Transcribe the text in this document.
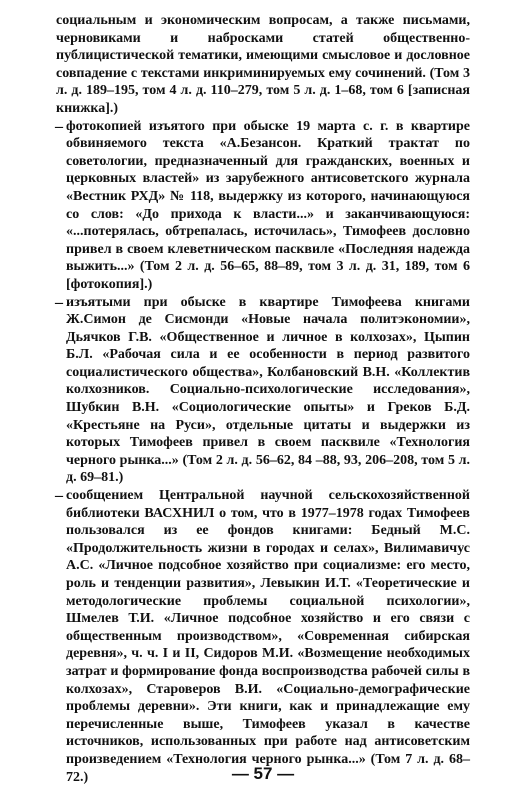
социальным и экономическим вопросам, а также письмами, черновиками и набросками статей общественно-публицистической тематики, имеющими смысловое и дословное совпадение с текстами инкриминируемых ему сочинений. (Том 3 л. д. 189–195, том 4 л. д. 110–279, том 5 л. д. 1–68, том 6 [записная книжка].)

– фотокопией изъятого при обыске 19 марта с. г. в квартире обвиняемого текста «А.Безансон. Краткий трактат по советологии, предназначенный для гражданских, военных и церковных властей» из зарубежного антисоветского журнала «Вестник РХД» № 118, выдержку из которого, начинающуюся со слов: «До прихода к власти...» и заканчивающуюся: «...потерялась, обтрепалась, источилась», Тимофеев дословно привел в своем клеветническом пасквиле «Последняя надежда выжить...» (Том 2 л. д. 56–65, 88–89, том 3 л. д. 31, 189, том 6 [фотокопия].)

– изъятыми при обыске в квартире Тимофеева книгами Ж.Симон де Сисмонди «Новые начала политэкономии», Дьячков Г.В. «Общественное и личное в колхозах», Цыпин Б.Л. «Рабочая сила и ее особенности в период развитого социалистического общества», Колбановский В.Н. «Коллектив колхозников. Социально-психологические исследования», Шубкин В.Н. «Социологические опыты» и Греков Б.Д. «Крестьяне на Руси», отдельные цитаты и выдержки из которых Тимофеев привел в своем пасквиле «Технология черного рынка...» (Том 2 л. д. 56–62, 84 –88, 93, 206–208, том 5 л. д. 69–81.)

– сообщением Центральной научной сельскохозяйственной библиотеки ВАСХНИЛ о том, что в 1977–1978 годах Тимофеев пользовался из ее фондов книгами: Бедный М.С. «Продолжительность жизни в городах и селах», Вилимавичус А.С. «Личное подсобное хозяйство при социализме: его место, роль и тенденции развития», Левыкин И.Т. «Теоретические и методологические проблемы социальной психологии», Шмелев Т.И. «Личное подсобное хозяйство и его связи с общественным производством», «Современная сибирская деревня», ч. ч. I и II, Сидоров М.И. «Возмещение необходимых затрат и формирование фонда воспроизводства рабочей силы в колхозах», Староверов В.И. «Социально-демографические проблемы деревни». Эти книги, как и принадлежащие ему перечисленные выше, Тимофеев указал в качестве источников, использованных при работе над антисоветским произведением «Технология черного рынка...» (Том 7 л. д. 68–72.)	— 57 —
